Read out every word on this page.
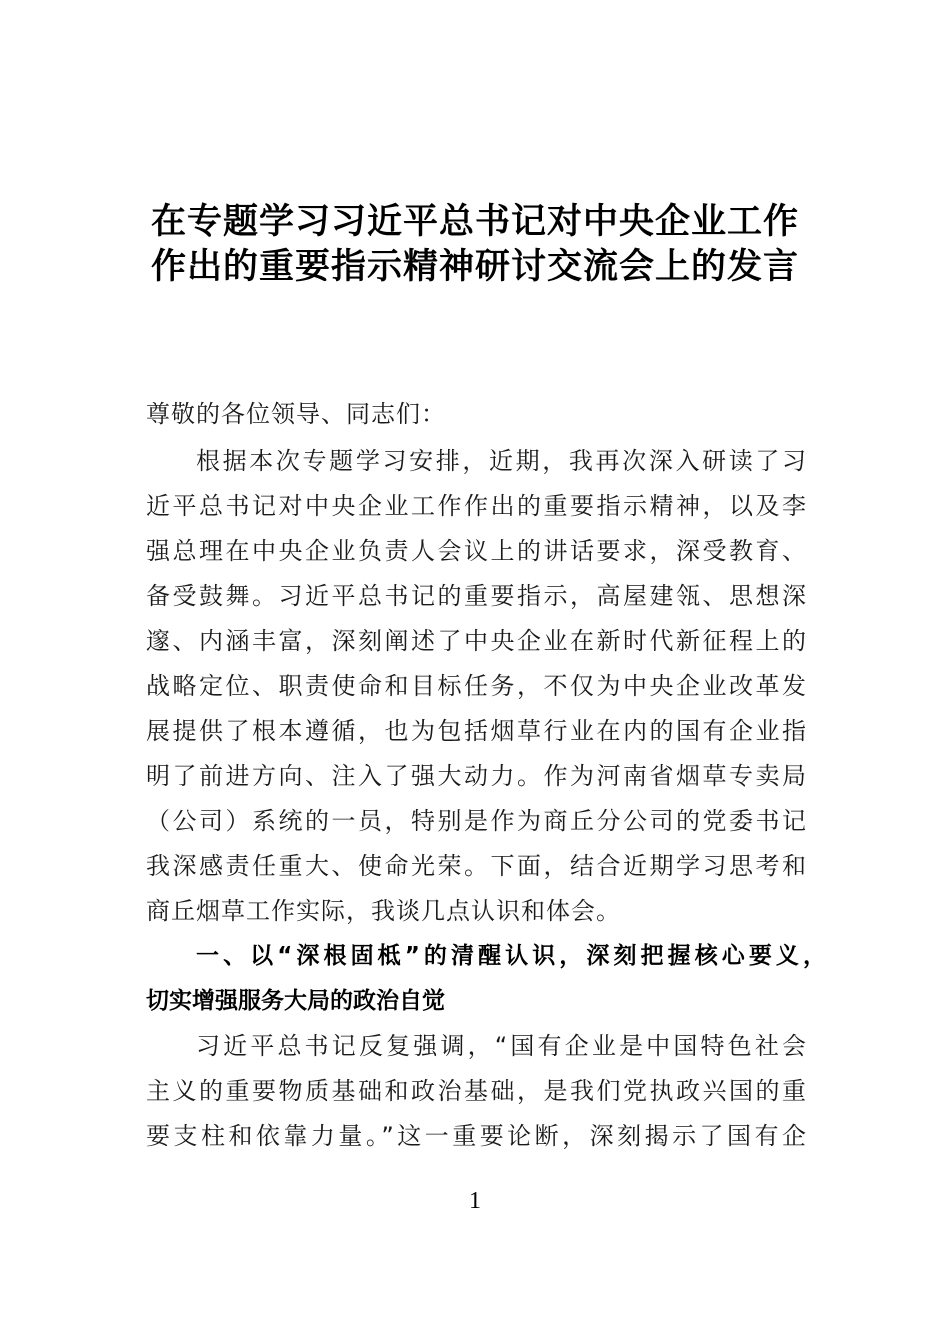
在专题学习习近平总书记对中央企业工作
作出的重要指示精神研讨交流会上的发言
尊敬的各位领导、同志们：
根据本次专题学习安排，近期，我再次深入研读了习
近平总书记对中央企业工作作出的重要指示精神，以及李
强总理在中央企业负责人会议上的讲话要求，深受教育、
备受鼓舞。习近平总书记的重要指示，高屋建瓴、思想深
邃、内涵丰富，深刻阐述了中央企业在新时代新征程上的
战略定位、职责使命和目标任务，不仅为中央企业改革发
展提供了根本遵循，也为包括烟草行业在内的国有企业指
明了前进方向、注入了强大动力。作为河南省烟草专卖局
（公司）系统的一员，特别是作为商丘分公司的党委书记
我深感责任重大、使命光荣。下面，结合近期学习思考和
商丘烟草工作实际，我谈几点认识和体会。
一、以“深根固柢”的清醒认识，深刻把握核心要义，
切实增强服务大局的政治自觉
习近平总书记反复强调，“国有企业是中国特色社会
主义的重要物质基础和政治基础，是我们党执政兴国的重
要支柱和依靠力量。”这一重要论断，深刻揭示了国有企
1
